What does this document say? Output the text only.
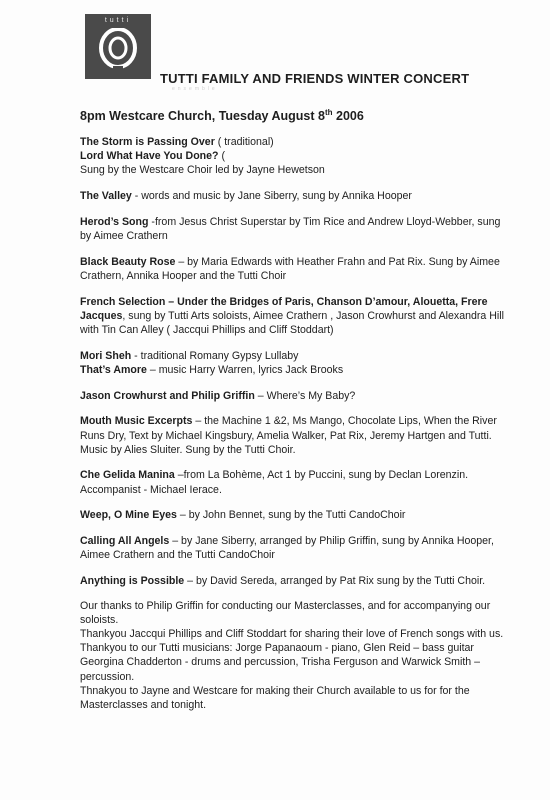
tutti
ensemble
TUTTI FAMILY AND FRIENDS WINTER CONCERT
8pm Westcare Church, Tuesday August 8th 2006
The Storm is Passing Over ( traditional)
Lord What Have You Done? (
Sung by the Westcare Choir led by Jayne Hewetson
The Valley - words and music by Jane Siberry, sung by Annika Hooper
Herod’s Song -from Jesus Christ Superstar by Tim Rice and Andrew Lloyd-Webber, sung by Aimee Crathern
Black Beauty Rose – by Maria Edwards with Heather Frahn and Pat Rix. Sung by Aimee Crathern, Annika Hooper and the Tutti Choir
French Selection – Under the Bridges of Paris, Chanson D’amour, Alouetta, Frere Jacques, sung by Tutti Arts soloists, Aimee Crathern , Jason Crowhurst and Alexandra Hill with Tin Can Alley ( Jaccqui Phillips and Cliff Stoddart)
Mori Sheh - traditional Romany Gypsy Lullaby
That’s Amore – music Harry Warren, lyrics Jack Brooks
Jason Crowhurst and Philip Griffin – Where’s My Baby?
Mouth Music Excerpts – the Machine 1 &2, Ms Mango, Chocolate Lips, When the River Runs Dry, Text by Michael Kingsbury, Amelia Walker, Pat Rix, Jeremy Hartgen and Tutti. Music by Alies Sluiter. Sung by the Tutti Choir.
Che Gelida Manina –from La Bohème, Act 1 by Puccini, sung by Declan Lorenzin. Accompanist - Michael Ierace.
Weep, O Mine Eyes – by John Bennet, sung by the Tutti CandoChoir
Calling All Angels – by Jane Siberry, arranged by Philip Griffin, sung by Annika Hooper, Aimee Crathern and the Tutti CandoChoir
Anything is Possible – by David Sereda, arranged by Pat Rix sung by the Tutti Choir.

Our thanks to Philip Griffin for conducting our Masterclasses, and for accompanying our soloists.

Thankyou Jaccqui Phillips and Cliff Stoddart for sharing their love of French songs with us.

Thankyou to our Tutti musicians: Jorge Papanaoum - piano, Glen Reid – bass guitar Georgina Chadderton - drums and percussion, Trisha Ferguson and Warwick Smith – percussion.

Thnakyou to Jayne and Westcare for making their Church available to us for for the Masterclasses and tonight.
